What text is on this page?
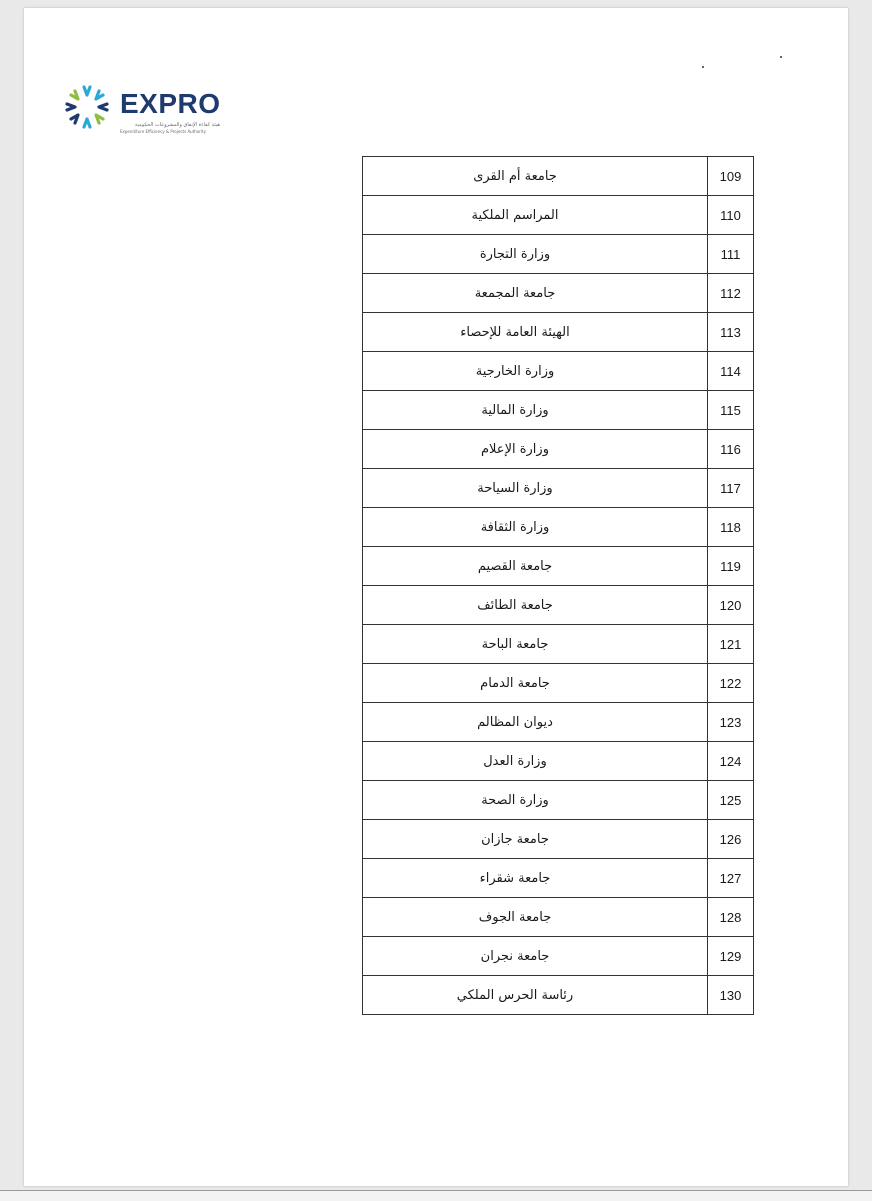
EXPRO
هيئة كفاءة الإنفاق والمشروعات الحكومية
Expenditure Efficiency & Projects Authority
109	جامعة أم القرى
110	المراسم الملكية
111	وزارة التجارة
112	جامعة المجمعة
113	الهيئة العامة للإحصاء
114	وزارة الخارجية
115	وزارة المالية
116	وزارة الإعلام
117	وزارة السياحة
118	وزارة الثقافة
119	جامعة القصيم
120	جامعة الطائف
121	جامعة الباحة
122	جامعة الدمام
123	ديوان المظالم
124	وزارة العدل
125	وزارة الصحة
126	جامعة جازان
127	جامعة شقراء
128	جامعة الجوف
129	جامعة نجران
130	رئاسة الحرس الملكي
